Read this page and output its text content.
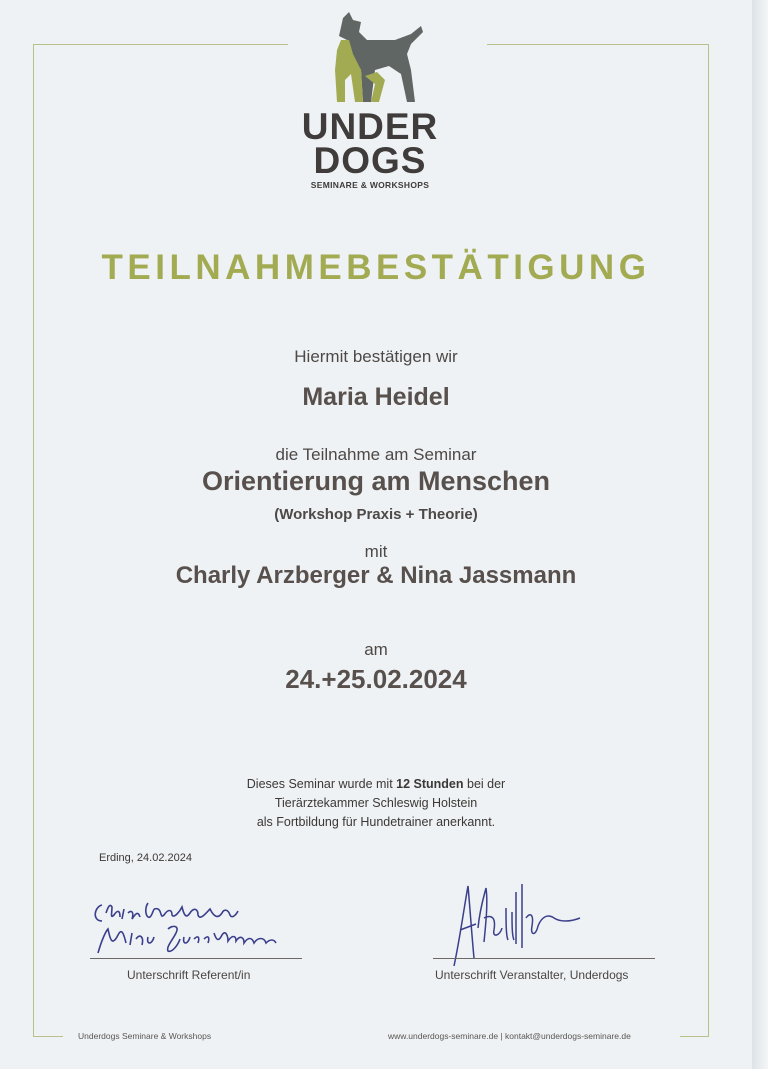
UNDER
DOGS
SEMINARE & WORKSHOPS
TEILNAHMEBESTÄTIGUNG
Hiermit bestätigen wir
Maria Heidel
die Teilnahme am Seminar
Orientierung am Menschen
(Workshop Praxis + Theorie)
mit
Charly Arzberger & Nina Jassmann
am
24.+25.02.2024
Dieses Seminar wurde mit 12 Stunden bei der
Tierärztekammer Schleswig Holstein
als Fortbildung für Hundetrainer anerkannt.
Erding, 24.02.2024
Unterschrift Referent/in	Unterschrift Veranstalter, Underdogs
Underdogs Seminare & Workshops	www.underdogs-seminare.de | kontakt@underdogs-seminare.de
